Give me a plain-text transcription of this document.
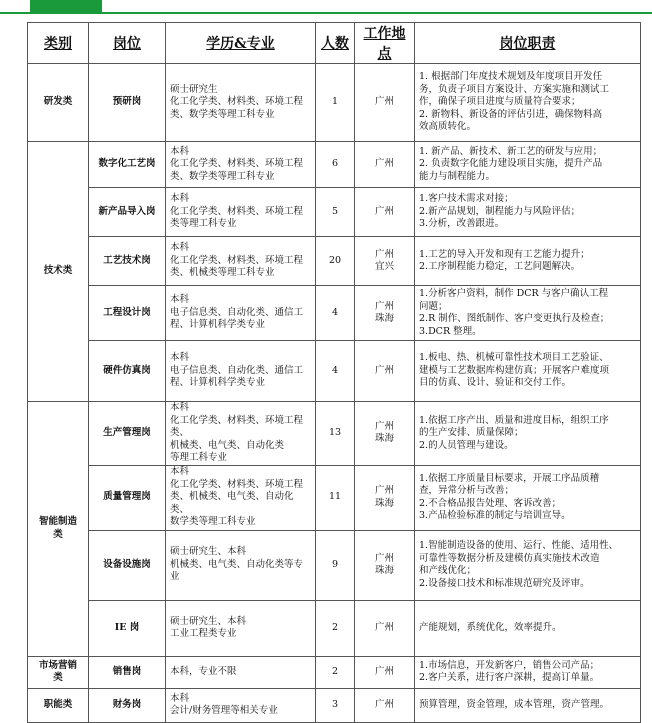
类别	岗位	学历&专业	人数	工作地点	岗位职责
研发类	预研岗	硕士研究生
化工化学类、材料类、环境工程
类、数学类等理工科专业	1	广州	1. 根据部门年度技术规划及年度项目开发任
务，负责子项目方案设计、方案实施和测试工
作，确保子项目进度与质量符合要求；
2. 新物料、新设备的评估引进，确保物料高
效高质转化。

技术类	数字化工艺岗	本科
化工化学类、材料类、环境工程
类、数学类等理工科专业	6	广州	1. 新产品、新技术、新工艺的研发与应用；
2. 负责数字化能力建设项目实施，提升产品
能力与制程能力。

	新产品导入岗	本科
化工化学类、材料类、环境工程
类等理工科专业	5	广州	1.客户技术需求对接；
2.新产品规划，制程能力与风险评估；
3.分析，改善跟进。

	工艺技术岗	本科
化工化学类、材料类、环境工程
类、机械类等理工科专业	20	广州
宜兴	1.工艺的导入开发和现有工艺能力提升；
2.工序制程能力稳定，工艺问题解决。

	工程设计岗	本科
电子信息类、自动化类、通信工
程、计算机科学类专业	4	广州
珠海	1.分析客户资料，制作 DCR 与客户确认工程
问题；
2.R 制作、图纸制作、客户变更执行及检查；
3.DCR 整理。

	硬件仿真岗	本科
电子信息类、自动化类、通信工
程、计算机科学类专业	4	广州	1.板电、热、机械可靠性技术项目工艺验证、
建模与工艺数据库构建仿真；开展客户难度项
目的仿真、设计、验证和交付工作。

智能制造
类	生产管理岗	本科
化工化学类、材料类、环境工程类、
机械类、电气类、自动化类
等理工科专业	13	广州
珠海	1.依据工序产出、质量和进度目标，组织工序
的生产安排、质量保障；
2.的人员管理与建设。

	质量管理岗	本科
化工化学类、材料类、环境工程
类、机械类、电气类、自动化类、
数学类等理工科专业	11	广州
珠海	1.依据工序质量目标要求，开展工序品质稽
查，异常分析与改善；
2.不合格品报告处理、客诉改善；
3.产品检验标准的制定与培训宣导。

	设备设施岗	硕士研究生、本科
机械类、电气类、自动化类等专业	9	广州
珠海	1.智能制造设备的使用、运行、性能、适用性、
可靠性等数据分析及建模仿真实施技术改造
和产线优化；
2.设备接口技术和标准规范研究及评审。

	IE 岗	硕士研究生、本科
工业工程类专业	2	广州	产能规划，系统优化，效率提升。

市场营销
类	销售岗	本科，专业不限	2	广州	1.市场信息，开发新客户，销售公司产品；
2.客户关系，进行客户深耕，提高订单量。

职能类	财务岗	本科
会计/财务管理等相关专业	3	广州	预算管理，资金管理，成本管理，资产管理。
